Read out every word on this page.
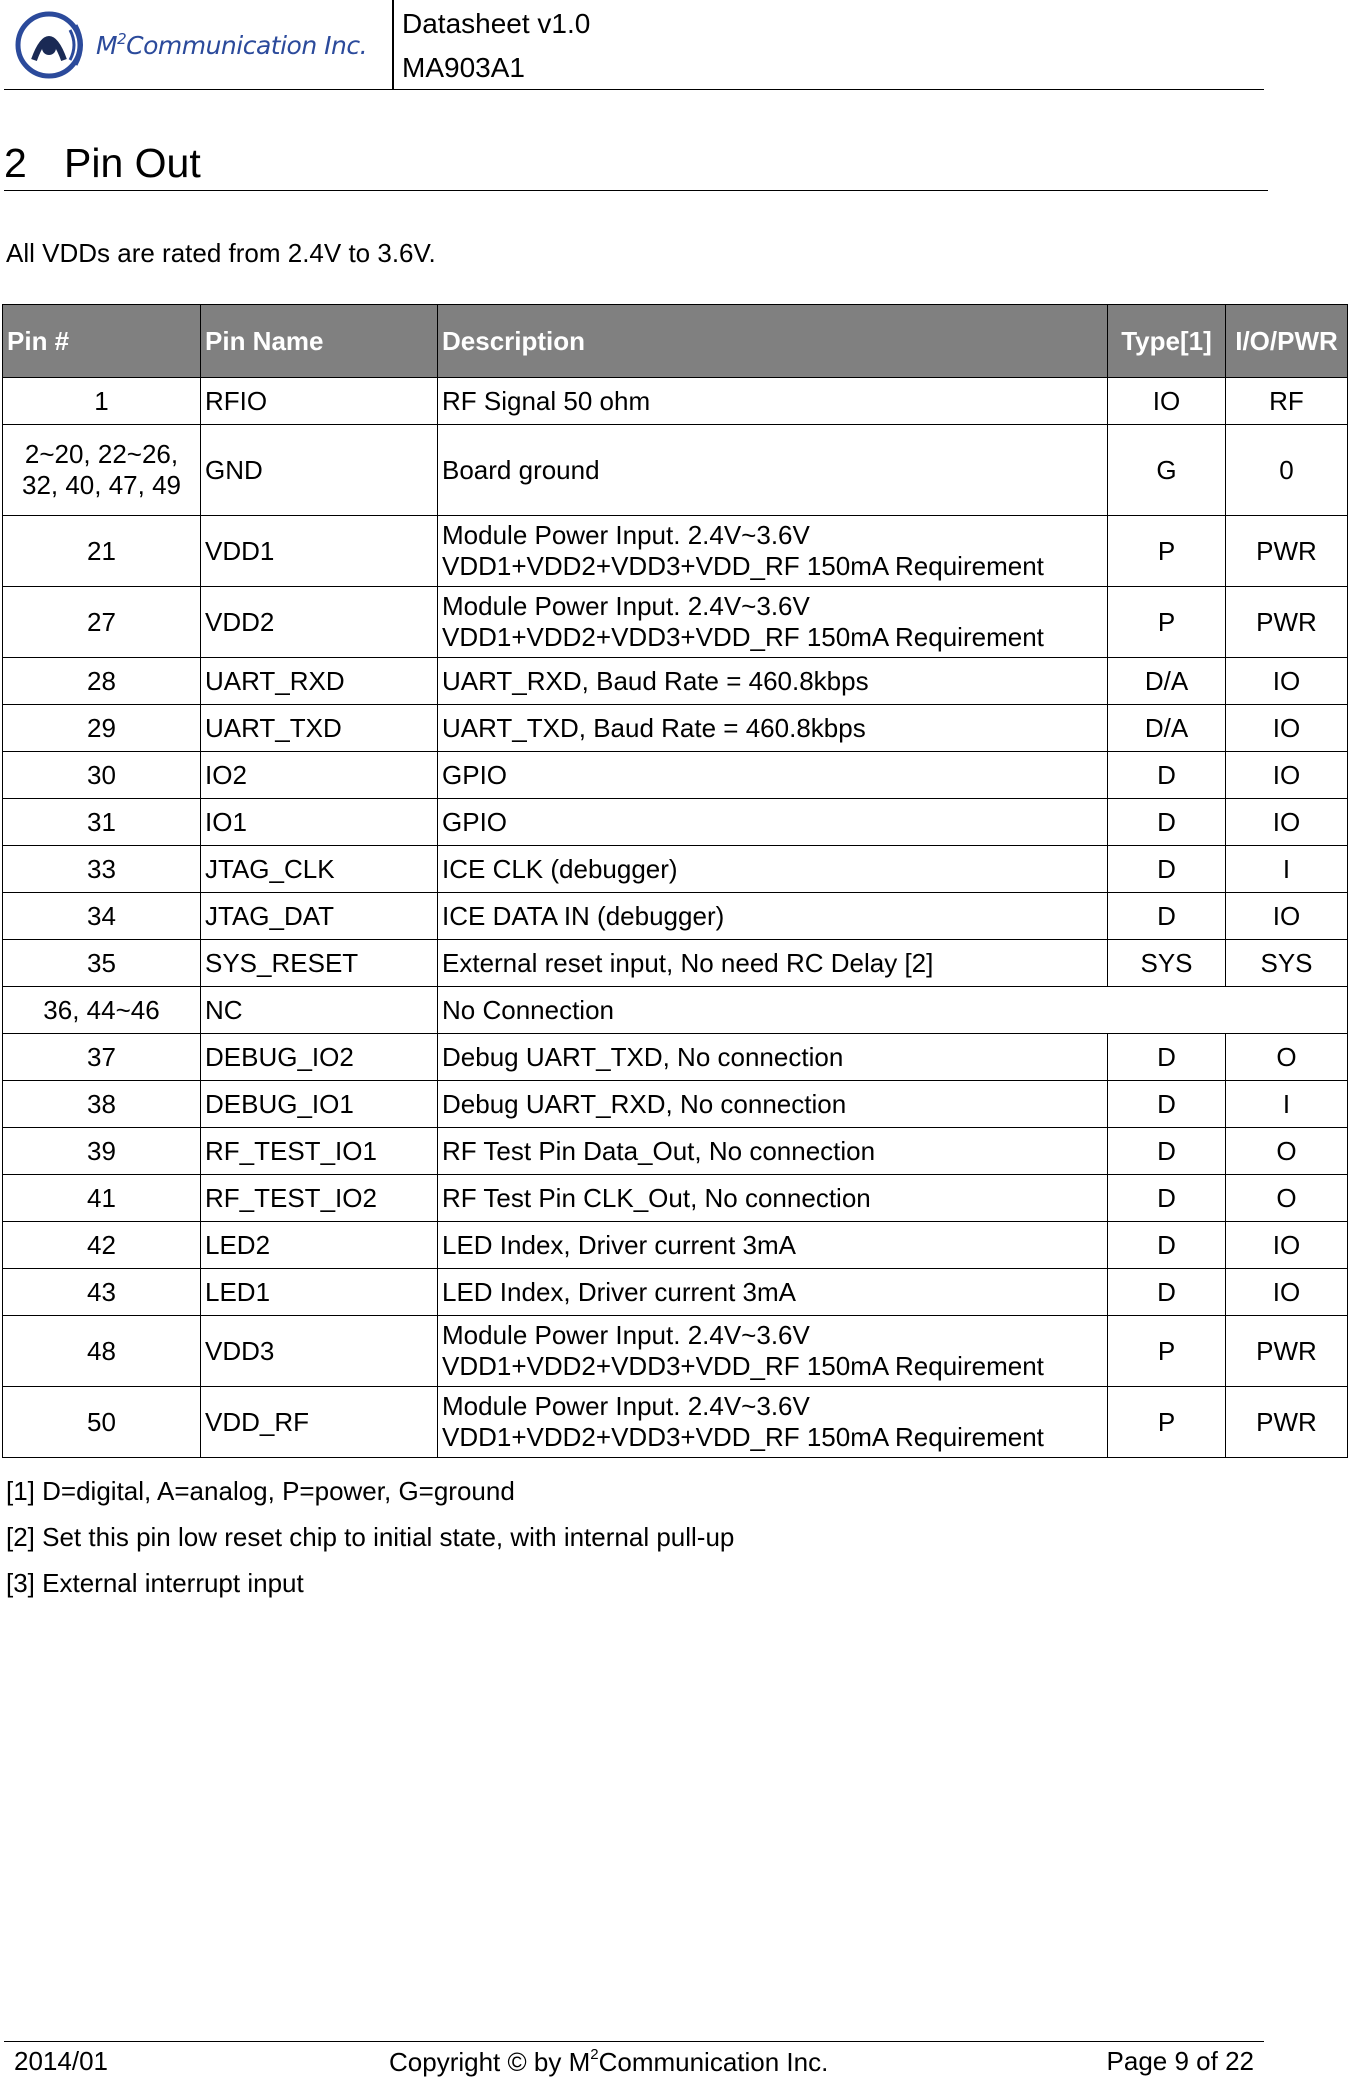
$M^2Communication$ Inc.
Datasheet v1.0
MA903A1
2 Pin Out
All VDDs are rated from 2.4V to 3.6V.
Pin #	Pin Name	Description	Type[1]	I/O/PWR
1	RFIO	RF Signal 50 ohm	IO	RF

2~20, 22~26,
32, 40, 47, 49	GND	Board ground	G	0
21	VDD1	Module Power Input. 2.4V~3.6V
VDD1+VDD2+VDD3+VDD_RF 150mA Requirement	P	PWR
27	VDD2	Module Power Input. 2.4V~3.6V
VDD1+VDD2+VDD3+VDD_RF 150mA Requirement	P	PWR
28	UART_RXD	UART_RXD, Baud Rate = 460.8kbps	D/A	IO
29	UART_TXD	UART_TXD, Baud Rate = 460.8kbps	D/A	IO
30	IO2	GPIO	D	IO
31	IO1	GPIO	D	IO
33	JTAG_CLK	ICE CLK (debugger)	D	I
34	JTAG_DAT	ICE DATA IN (debugger)	D	IO
35	SYS_RESET	External reset input, No need RC Delay [2]	SYS	SYS
36, 44~46	NC	No Connection		

37	DEBUG_IO2	Debug UART_TXD, No connection	D	O
38	DEBUG_IO1	Debug UART_RXD, No connection	D	I
39	RF_TEST_IO1	RF Test Pin Data_Out, No connection	D	O
41	RF_TEST_IO2	RF Test Pin CLK_Out, No connection	D	O
42	LED2	LED Index, Driver current 3mA	D	IO
43	LED1	LED Index, Driver current 3mA	D	IO
48	VDD3	Module Power Input. 2.4V~3.6V
VDD1+VDD2+VDD3+VDD_RF 150mA Requirement	P	PWR
50	VDD_RF	Module Power Input. 2.4V~3.6V
VDD1+VDD2+VDD3+VDD_RF 150mA Requirement	P	PWR
[1] D=digital, A=analog, P=power, G=ground
[2] Set this pin low reset chip to initial state, with internal pull-up
[3] External interrupt input
2014/01	Copyright © by $M^2Communication$ Inc.	Page 9 of 22
